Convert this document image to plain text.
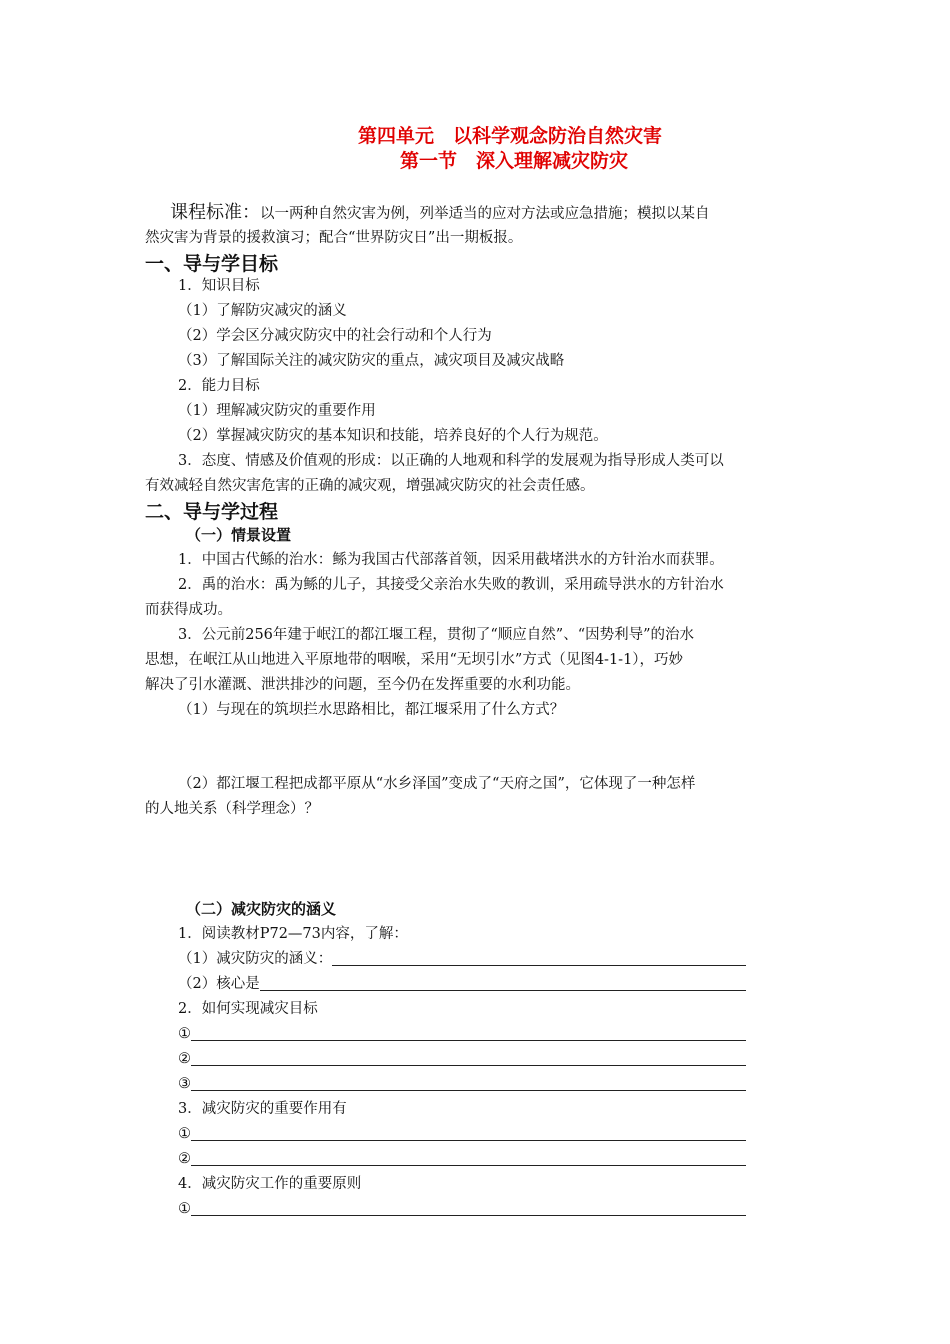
第四单元　以科学观念防治自然灾害
第一节　深入理解减灾防灾
课程标准：以一两种自然灾害为例，列举适当的应对方法或应急措施；模拟以某自
然灾害为背景的援救演习；配合“世界防灾日”出一期板报。
一、导与学目标
1．知识目标
（1）了解防灾减灾的涵义
（2）学会区分减灾防灾中的社会行动和个人行为
（3）了解国际关注的减灾防灾的重点，减灾项目及减灾战略
2．能力目标
（1）理解减灾防灾的重要作用
（2）掌握减灾防灾的基本知识和技能，培养良好的个人行为规范。
3．态度、情感及价值观的形成：以正确的人地观和科学的发展观为指导形成人类可以
有效减轻自然灾害危害的正确的减灾观，增强减灾防灾的社会责任感。
二、导与学过程
（一）情景设置
1．中国古代鲧的治水：鲧为我国古代部落首领，因采用截堵洪水的方针治水而获罪。
2．禹的治水：禹为鲧的儿子，其接受父亲治水失败的教训，采用疏导洪水的方针治水
而获得成功。
3．公元前256年建于岷江的都江堰工程，贯彻了“顺应自然”、“因势利导”的治水
思想，在岷江从山地进入平原地带的咽喉，采用“无坝引水”方式（见图4-1-1），巧妙
解决了引水灌溉、泄洪排沙的问题，至今仍在发挥重要的水利功能。
（1）与现在的筑坝拦水思路相比，都江堰采用了什么方式？
（2）都江堰工程把成都平原从“水乡泽国”变成了“天府之国”，它体现了一种怎样
的人地关系（科学理念）？
（二）减灾防灾的涵义
1．阅读教材P72—73内容，了解：
（1）减灾防灾的涵义：
（2）核心是
2．如何实现减灾目标
①
②
③
3．减灾防灾的重要作用有
①
②
4．减灾防灾工作的重要原则
①
